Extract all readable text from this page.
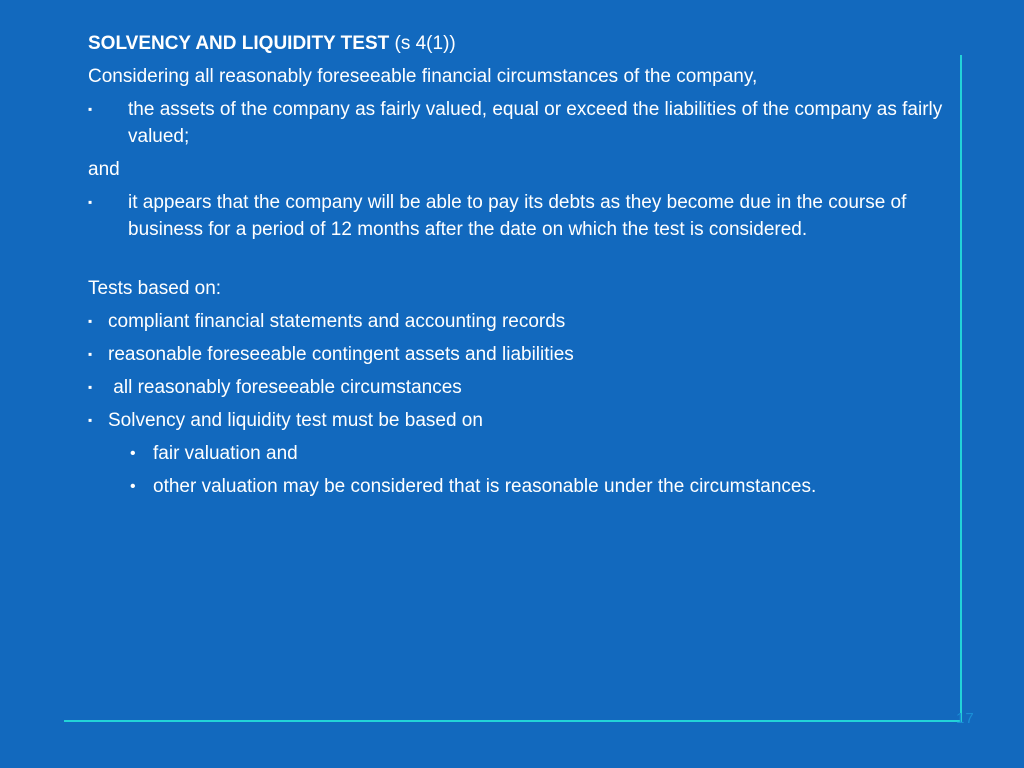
17

SOLVENCY AND LIQUIDITY TEST (s 4(1))

Considering all reasonably foreseeable financial circumstances of the company,

▪ the assets of the company as fairly valued, equal or exceed the liabilities of the company as fairly valued;

and

▪ it appears that the company will be able to pay its debts as they become due in the course of business for a period of 12 months after the date on which the test is considered.

Tests based on:

▪ compliant financial statements and accounting records
▪ reasonable foreseeable contingent assets and liabilities
▪ all reasonably foreseeable circumstances
▪ Solvency and liquidity test must be based on
• fair valuation and
• other valuation may be considered that is reasonable under the circumstances.
